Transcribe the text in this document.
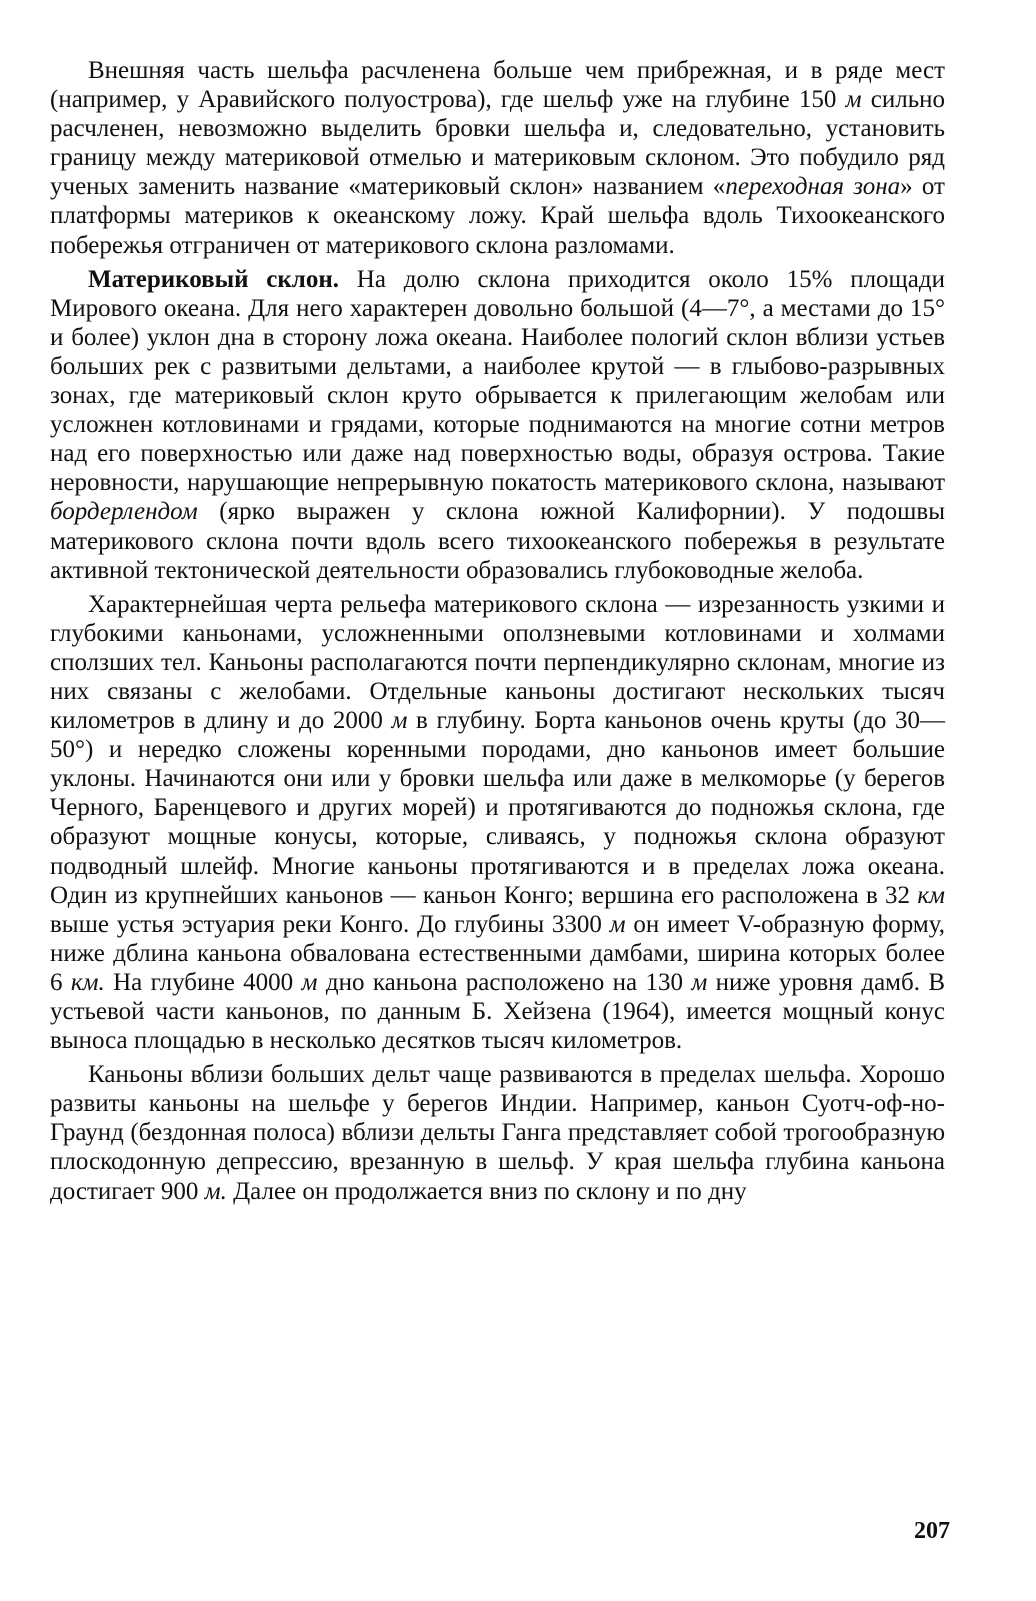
Внешняя часть шельфа расчленена больше чем прибрежная, и в ряде мест (например, у Аравийского полуострова), где шельф уже на глубине 150 м сильно расчленен, невозможно выделить бровки шельфа и, следовательно, установить границу между материковой отмелью и материковым склоном. Это побудило ряд ученых заменить название «материковый склон» названием «переходная зона» от платформы материков к океанскому ложу. Край шельфа вдоль Тихоокеанского побережья отграничен от материкового склона разломами.

Материковый склон. На долю склона приходится около 15% площади Мирового океана. Для него характерен довольно большой (4—7°, а местами до 15° и более) уклон дна в сторону ложа океана. Наиболее пологий склон вблизи устьев больших рек с развитыми дельтами, а наиболее крутой — в глыбово-разрывных зонах, где материковый склон круто обрывается к прилегающим желобам или усложнен котловинами и грядами, которые поднимаются на многие сотни метров над его поверхностью или даже над поверхностью воды, образуя острова. Такие неровности, нарушающие непрерывную покатость материкового склона, называют бордерлендом (ярко выражен у склона южной Калифорнии). У подошвы материкового склона почти вдоль всего тихоокеанского побережья в результате активной тектонической деятельности образовались глубоководные желоба.

Характернейшая черта рельефа материкового склона — изрезанность узкими и глубокими каньонами, усложненными оползневыми котловинами и холмами сползших тел. Каньоны располагаются почти перпендикулярно склонам, многие из них связаны с желобами. Отдельные каньоны достигают нескольких тысяч километров в длину и до 2000 м в глубину. Борта каньонов очень круты (до 30—50°) и нередко сложены коренными породами, дно каньонов имеет большие уклоны. Начинаются они или у бровки шельфа или даже в мелкоморье (у берегов Черного, Баренцевого и других морей) и протягиваются до подножья склона, где образуют мощные конусы, которые, сливаясь, у подножья склона образуют подводный шлейф. Многие каньоны протягиваются и в пределах ложа океана. Один из крупнейших каньонов — каньон Конго; вершина его расположена в 32 км выше устья эстуария реки Конго. До глубины 3300 м он имеет V-образную форму, ниже дблина каньона обвалована естественными дамбами, ширина которых более 6 км. На глубине 4000 м дно каньона расположено на 130 м ниже уровня дамб. В устьевой части каньонов, по данным Б. Хейзена (1964), имеется мощный конус выноса площадью в несколько десятков тысяч километров.

Каньоны вблизи больших дельт чаще развиваются в пределах шельфа. Хорошо развиты каньоны на шельфе у берегов Индии. Например, каньон Суотч-оф-но-Граунд (бездонная полоса) вблизи дельты Ганга представляет собой трогообразную плоскодонную депрессию, врезанную в шельф. У края шельфа глубина каньона достигает 900 м. Далее он продолжается вниз по склону и по дну

207
